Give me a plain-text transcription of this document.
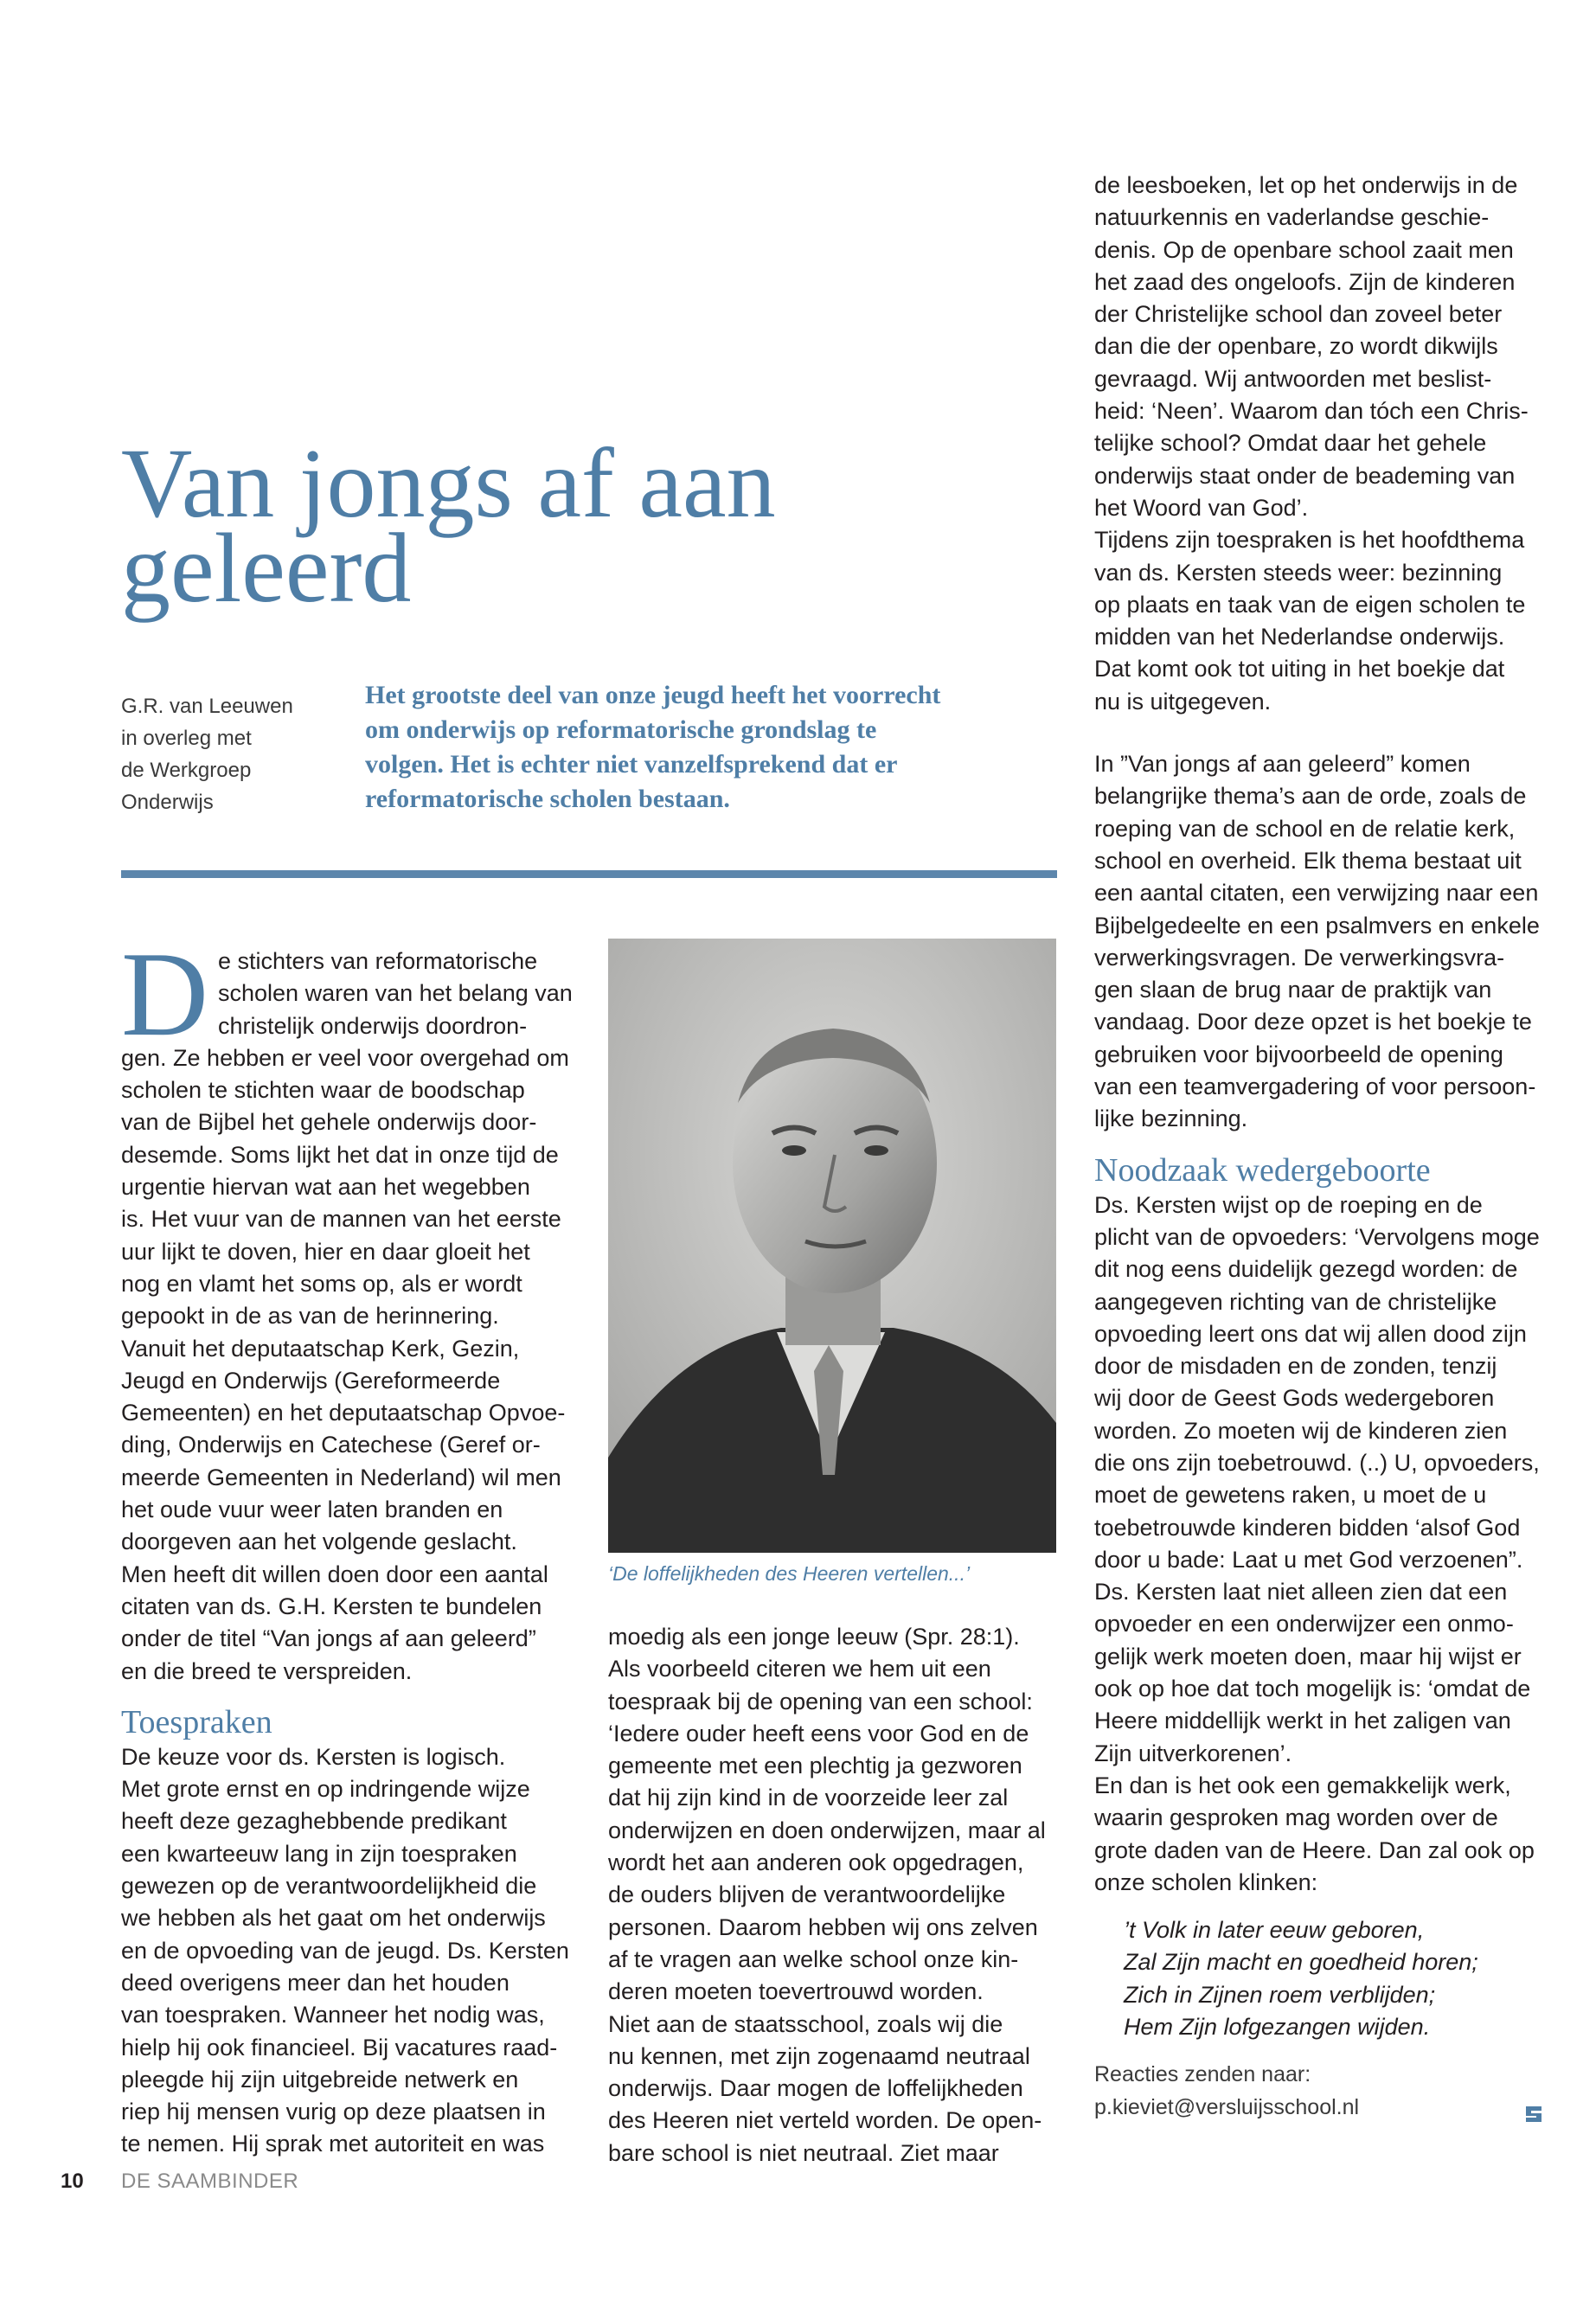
Van jongs af aan
geleerd
G.R. van Leeuwen
in overleg met
de Werkgroep
Onderwijs
Het grootste deel van onze jeugd heeft het voorrecht
om onderwijs op reformatorische grondslag te
volgen. Het is echter niet vanzelfsprekend dat er
reformatorische scholen bestaan.
D e stichters van reformatorische
scholen waren van het belang van
christelijk onderwijs doordron-
gen. Ze hebben er veel voor overgehad om
scholen te stichten waar de boodschap
van de Bijbel het gehele onderwijs door-
desemde. Soms lijkt het dat in onze tijd de
urgentie hiervan wat aan het wegebben
is. Het vuur van de mannen van het eerste
uur lijkt te doven, hier en daar gloeit het
nog en vlamt het soms op, als er wordt
gepookt in de as van de herinnering.
Vanuit het deputaatschap Kerk, Gezin,
Jeugd en Onderwijs (Gereformeerde
Gemeenten) en het deputaatschap Opvoe-
ding, Onderwijs en Catechese (Geref or-
meerde Gemeenten in Nederland) wil men
het oude vuur weer laten branden en
doorgeven aan het volgende geslacht.
Men heeft dit willen doen door een aantal
citaten van ds. G.H. Kersten te bundelen
onder de titel “Van jongs af aan geleerd”
en die breed te verspreiden.
Toespraken
De keuze voor ds. Kersten is logisch.
Met grote ernst en op indringende wijze
heeft deze gezaghebbende predikant
een kwarteeuw lang in zijn toespraken
gewezen op de verantwoordelijkheid die
we hebben als het gaat om het onderwijs
en de opvoeding van de jeugd. Ds. Kersten
deed overigens meer dan het houden
van toespraken. Wanneer het nodig was,
hielp hij ook financieel. Bij vacatures raad-
pleegde hij zijn uitgebreide netwerk en
riep hij mensen vurig op deze plaatsen in
te nemen. Hij sprak met autoriteit en was
‘De loffelijkheden des Heeren vertellen...’
moedig als een jonge leeuw (Spr. 28:1).
Als voorbeeld citeren we hem uit een
toespraak bij de opening van een school:
‘Iedere ouder heeft eens voor God en de
gemeente met een plechtig ja gezworen
dat hij zijn kind in de voorzeide leer zal
onderwijzen en doen onderwijzen, maar al
wordt het aan anderen ook opgedragen,
de ouders blijven de verantwoordelijke
personen. Daarom hebben wij ons zelven
af te vragen aan welke school onze kin-
deren moeten toevertrouwd worden.
Niet aan de staatsschool, zoals wij die
nu kennen, met zijn zogenaamd neutraal
onderwijs. Daar mogen de loffelijkheden
des Heeren niet verteld worden. De open-
bare school is niet neutraal. Ziet maar
de leesboeken, let op het onderwijs in de
natuurkennis en vaderlandse geschie-
denis. Op de openbare school zaait men
het zaad des ongeloofs. Zijn de kinderen
der Christelijke school dan zoveel beter
dan die der openbare, zo wordt dikwijls
gevraagd. Wij antwoorden met beslist-
heid: ‘Neen’. Waarom dan tóch een Chris-
telijke school? Omdat daar het gehele
onderwijs staat onder de beademing van
het Woord van God’.
Tijdens zijn toespraken is het hoofdthema
van ds. Kersten steeds weer: bezinning
op plaats en taak van de eigen scholen te
midden van het Nederlandse onderwijs.
Dat komt ook tot uiting in het boekje dat
nu is uitgegeven.
In ”Van jongs af aan geleerd” komen
belangrijke thema’s aan de orde, zoals de
roeping van de school en de relatie kerk,
school en overheid. Elk thema bestaat uit
een aantal citaten, een verwijzing naar een
Bijbelgedeelte en een psalmvers en enkele
verwerkingsvragen. De verwerkingsvra-
gen slaan de brug naar de praktijk van
vandaag. Door deze opzet is het boekje te
gebruiken voor bijvoorbeeld de opening
van een teamvergadering of voor persoon-
lijke bezinning.
Noodzaak wedergeboorte
Ds. Kersten wijst op de roeping en de
plicht van de opvoeders: ‘Vervolgens moge
dit nog eens duidelijk gezegd worden: de
aangegeven richting van de christelijke
opvoeding leert ons dat wij allen dood zijn
door de misdaden en de zonden, tenzij
wij door de Geest Gods wedergeboren
worden. Zo moeten wij de kinderen zien
die ons zijn toebetrouwd. (..) U, opvoeders,
moet de gewetens raken, u moet de u
toebetrouwde kinderen bidden ‘alsof God
door u bade: Laat u met God verzoenen”.
Ds. Kersten laat niet alleen zien dat een
opvoeder en een onderwijzer een onmo-
gelijk werk moeten doen, maar hij wijst er
ook op hoe dat toch mogelijk is: ‘omdat de
Heere middellijk werkt in het zaligen van
Zijn uitverkorenen’.
En dan is het ook een gemakkelijk werk,
waarin gesproken mag worden over de
grote daden van de Heere. Dan zal ook op
onze scholen klinken:
’t Volk in later eeuw geboren,
Zal Zijn macht en goedheid horen;
Zich in Zijnen roem verblijden;
Hem Zijn lofgezangen wijden.
Reacties zenden naar:
p.kieviet@versluijsschool.nl
10 DE SAAMBINDER
